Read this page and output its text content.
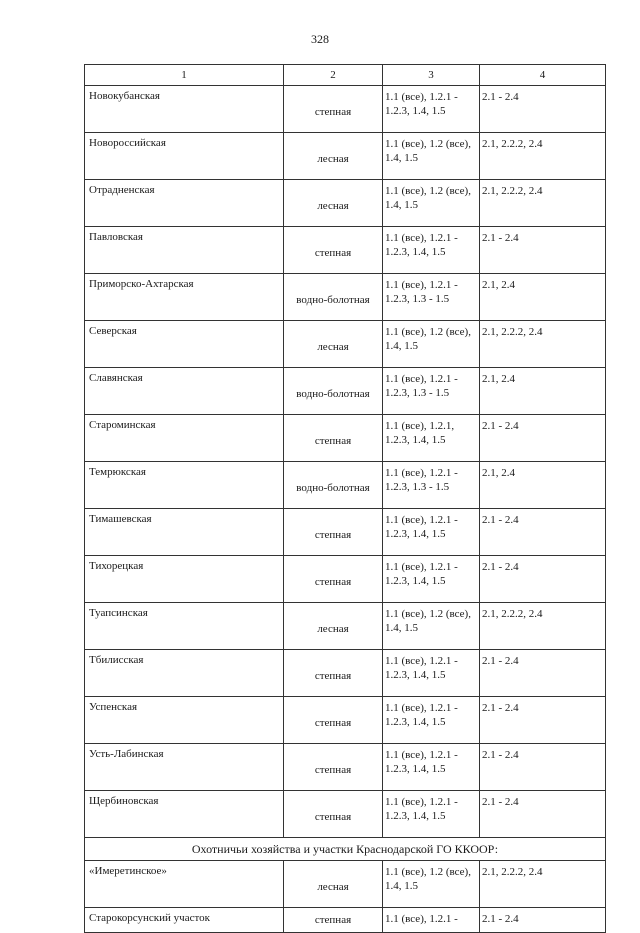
328
1	2	3	4
Новокубанская	степная	1.1 (все), 1.2.1 - 1.2.3, 1.4, 1.5	2.1 - 2.4
Новороссийская	лесная	1.1 (все), 1.2 (все), 1.4, 1.5	2.1, 2.2.2, 2.4
Отрадненская	лесная	1.1 (все), 1.2 (все), 1.4, 1.5	2.1, 2.2.2, 2.4
Павловская	степная	1.1 (все), 1.2.1 - 1.2.3, 1.4, 1.5	2.1 - 2.4
Приморско-Ахтарская	водно-болотная	1.1 (все), 1.2.1 - 1.2.3, 1.3 - 1.5	2.1, 2.4
Северская	лесная	1.1 (все), 1.2 (все), 1.4, 1.5	2.1, 2.2.2, 2.4
Славянская	водно-болотная	1.1 (все), 1.2.1 - 1.2.3, 1.3 - 1.5	2.1, 2.4
Староминская	степная	1.1 (все), 1.2.1, 1.2.3, 1.4, 1.5	2.1 - 2.4
Темрюкская	водно-болотная	1.1 (все), 1.2.1 - 1.2.3, 1.3 - 1.5	2.1, 2.4
Тимашевская	степная	1.1 (все), 1.2.1 - 1.2.3, 1.4, 1.5	2.1 - 2.4
Тихорецкая	степная	1.1 (все), 1.2.1 - 1.2.3, 1.4, 1.5	2.1 - 2.4
Туапсинская	лесная	1.1 (все), 1.2 (все), 1.4, 1.5	2.1, 2.2.2, 2.4
Тбилисская	степная	1.1 (все), 1.2.1 - 1.2.3, 1.4, 1.5	2.1 - 2.4
Успенская	степная	1.1 (все), 1.2.1 - 1.2.3, 1.4, 1.5	2.1 - 2.4
Усть-Лабинская	степная	1.1 (все), 1.2.1 - 1.2.3, 1.4, 1.5	2.1 - 2.4
Щербиновская	степная	1.1 (все), 1.2.1 - 1.2.3, 1.4, 1.5	2.1 - 2.4
Охотничьи хозяйства и участки Краснодарской ГО ККООР:			
«Имеретинское»	лесная	1.1 (все), 1.2 (все), 1.4, 1.5	2.1, 2.2.2, 2.4
Старокорсунский участок	степная	1.1 (все), 1.2.1 -	2.1 - 2.4
